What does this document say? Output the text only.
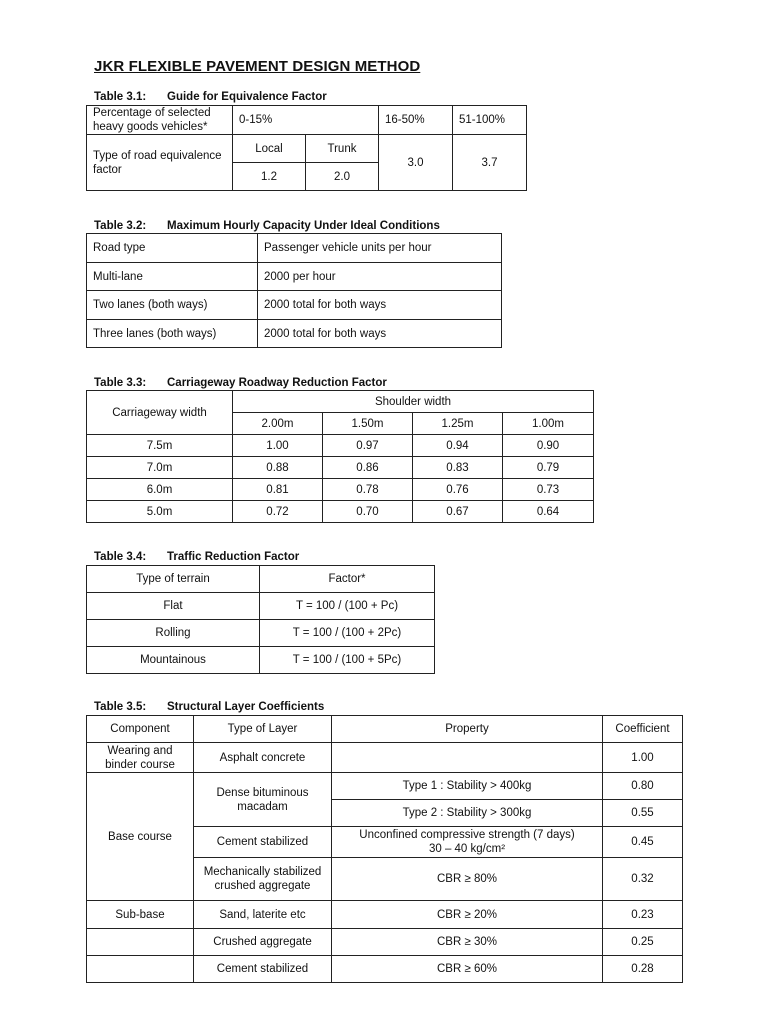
JKR FLEXIBLE PAVEMENT DESIGN METHOD
Table 3.1: Guide for Equivalence Factor
Percentage of selected heavy goods vehicles*	0-15%		16-50%	51-100%
Type of road equivalence factor	Local	Trunk	3.0	3.7
	1.2	2.0		
Table 3.2: Maximum Hourly Capacity Under Ideal Conditions
Road type	Passenger vehicle units per hour
Multi-lane	2000 per hour
Two lanes (both ways)	2000 total for both ways
Three lanes (both ways)	2000 total for both ways
Table 3.3: Carriageway Roadway Reduction Factor
Carriageway width	Shoulder width			
	2.00m	1.50m	1.25m	1.00m
7.5m	1.00	0.97	0.94	0.90
7.0m	0.88	0.86	0.83	0.79
6.0m	0.81	0.78	0.76	0.73
5.0m	0.72	0.70	0.67	0.64
Table 3.4: Traffic Reduction Factor
Type of terrain	Factor*
Flat	T = 100 / (100 + Pc)
Rolling	T = 100 / (100 + 2Pc)
Mountainous	T = 100 / (100 + 5Pc)
Table 3.5: Structural Layer Coefficients
Component	Type of Layer	Property	Coefficient
Wearing and binder course	Asphalt concrete		1.00
Base course	Dense bituminous macadam	Type 1 : Stability > 400kg	0.80
		Type 2 : Stability > 300kg	0.55
	Cement stabilized	Unconfined compressive strength (7 days)
30 – 40 kg/cm²	0.45
	Mechanically stabilized crushed aggregate	CBR ≥ 80%	0.32
Sub-base	Sand, laterite etc	CBR ≥ 20%	0.23
	Crushed aggregate	CBR ≥ 30%	0.25
	Cement stabilized	CBR ≥ 60%	0.28
